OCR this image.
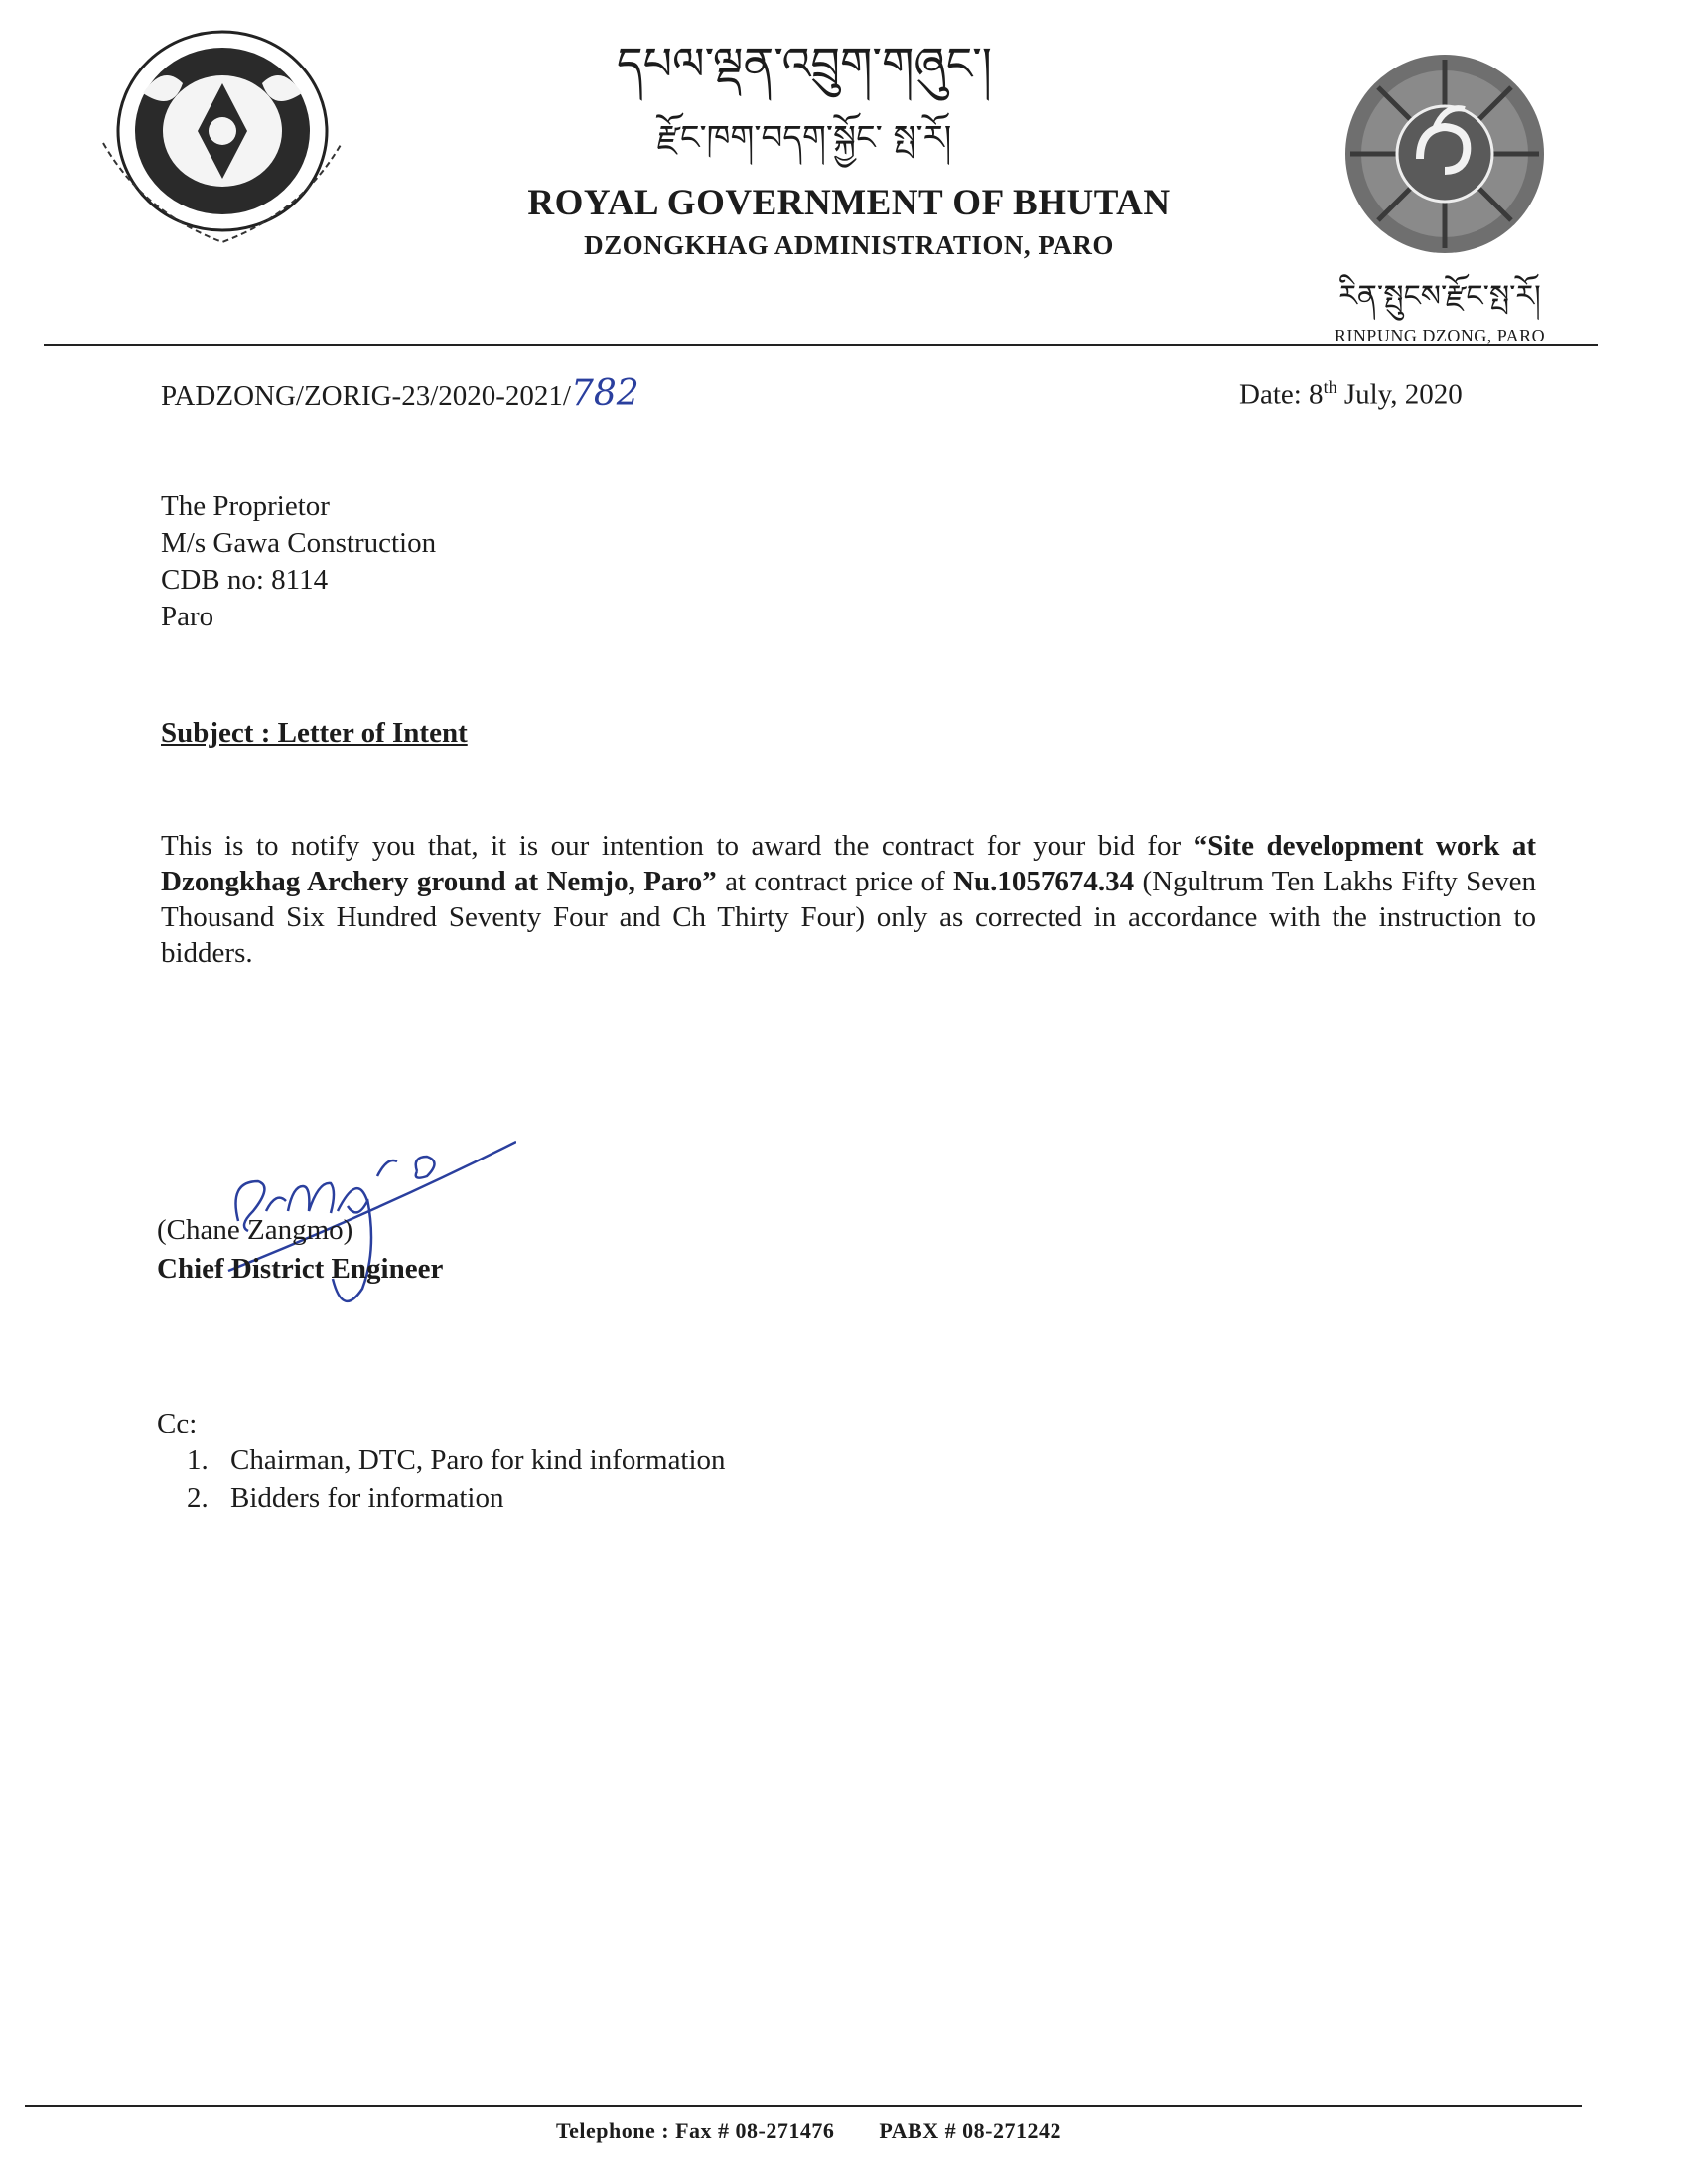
དཔལ་ལྡན་འབྲུག་གཞུང་།
རྫོང་ཁག་བདག་སྐྱོང་ སྤ་རོ།
ROYAL GOVERNMENT OF BHUTAN
DZONGKHAG ADMINISTRATION, PARO
རིན་སྤུངས་རྫོང་སྤ་རོ།
RINPUNG DZONG, PARO
PADZONG/ZORIG-23/2020-2021/782	Date: 8th July, 2020
The Proprietor
M/s Gawa Construction
CDB no: 8114
Paro
Subject : Letter of Intent
This is to notify you that, it is our intention to award the contract for your bid for “Site development work at Dzongkhag Archery ground at Nemjo, Paro” at contract price of Nu.1057674.34 (Ngultrum Ten Lakhs Fifty Seven Thousand Six Hundred Seventy Four and Ch Thirty Four) only as corrected in accordance with the instruction to bidders.
(Chane Zangmo)
Chief District Engineer
Cc:
1. Chairman, DTC, Paro for kind information
2. Bidders for information
Telephone : Fax # 08-271476 PABX # 08-271242
